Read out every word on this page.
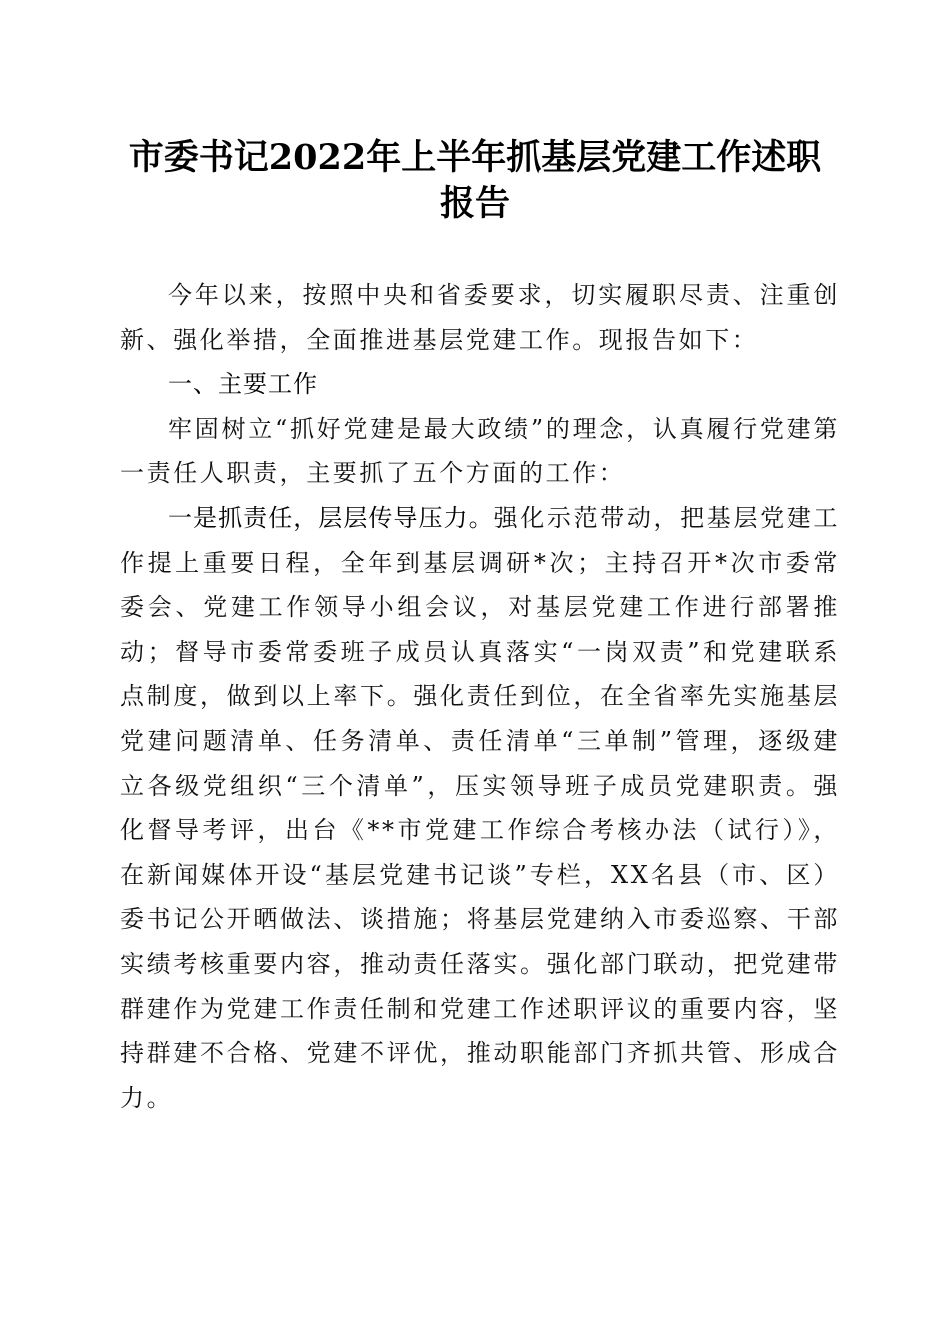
市委书记2022年上半年抓基层党建工作述职
报告

今年以来，按照中央和省委要求，切实履职尽责、注重创新、强化举措，全面推进基层党建工作。现报告如下：

一、主要工作

牢固树立“抓好党建是最大政绩”的理念，认真履行党建第一责任人职责，主要抓了五个方面的工作：

一是抓责任，层层传导压力。强化示范带动，把基层党建工作提上重要日程，全年到基层调研*次；主持召开*次市委常委会、党建工作领导小组会议，对基层党建工作进行部署推动；督导市委常委班子成员认真落实“一岗双责”和党建联系点制度，做到以上率下。强化责任到位，在全省率先实施基层党建问题清单、任务清单、责任清单“三单制”管理，逐级建立各级党组织“三个清单”，压实领导班子成员党建职责。强化督导考评，出台《**市党建工作综合考核办法（试行）》，在新闻媒体开设“基层党建书记谈”专栏，XX名县（市、区）委书记公开晒做法、谈措施；将基层党建纳入市委巡察、干部实绩考核重要内容，推动责任落实。强化部门联动，把党建带群建作为党建工作责任制和党建工作述职评议的重要内容，坚持群建不合格、党建不评优，推动职能部门齐抓共管、形成合力。
